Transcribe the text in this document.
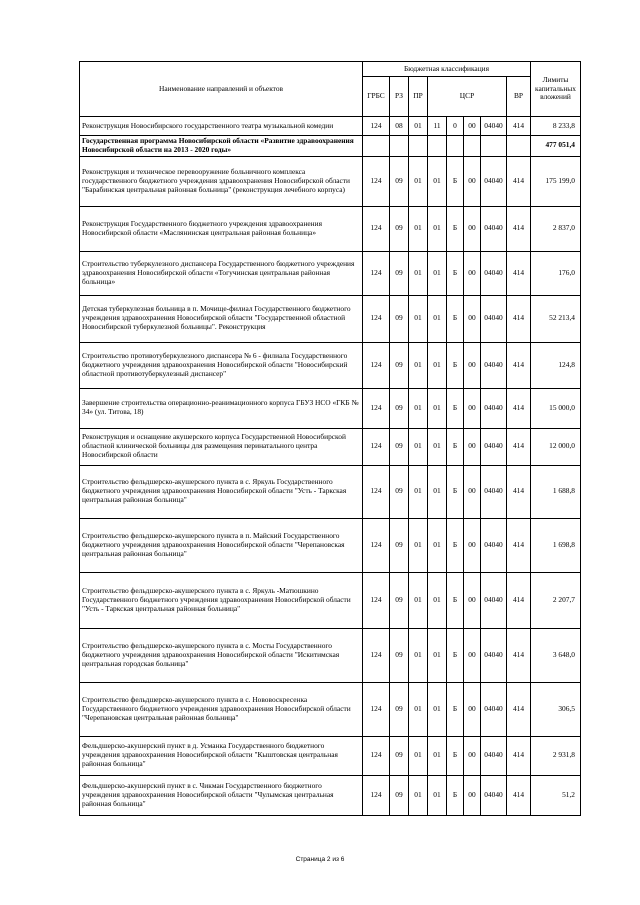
Наименование направлений и объектов	Бюджетная классификация								Лимиты капитальных вложений
	ГРБС	РЗ	ПР	ЦСР				ВР	
Реконструкция Новосибирского государственного театра музыкальной комедии	124	08	01	11	0	00	04040	414	8 233,8
Государственная программа Новосибирской области «Развитие здравоохранения Новосибирской области на 2013 - 2020 годы»									477 051,4
Реконструкция и техническое перевооружение больничного комплекса государственного бюджетного учреждения здравоохранения Новосибирской области "Барабинская центральная районная больница" (реконструкция лечебного корпуса)	124	09	01	01	Б	00	04040	414	175 199,0
Реконструкция Государственного бюджетного учреждения здравоохранения Новосибирской области «Маслянинская центральная районная больница»	124	09	01	01	Б	00	04040	414	2 837,0
Строительство туберкулезного диспансера Государственного бюджетного учреждения здравоохранения Новосибирской области «Тогучинская центральная районная больница»	124	09	01	01	Б	00	04040	414	176,0
Детская туберкулезная больница в п. Мочище-филиал Государственного бюджетного учреждения здравоохранения Новосибирской области "Государственной областной Новосибирской туберкулезной больницы". Реконструкция	124	09	01	01	Б	00	04040	414	52 213,4
Строительство противотуберкулезного диспансера № 6 - филиала Государственного бюджетного учреждения здравоохранения Новосибирской области "Новосибирский областной противотуберкулезный диспансер"	124	09	01	01	Б	00	04040	414	124,8
Завершение строительства операционно-реанимационного корпуса ГБУЗ НСО «ГКБ № 34» (ул. Титова, 18)	124	09	01	01	Б	00	04040	414	15 000,0
Реконструкция и оснащение акушерского корпуса Государственной Новосибирской областной клинической больницы для размещения перинатального центра Новосибирской области	124	09	01	01	Б	00	04040	414	12 000,0
Строительство фельдшерско-акушерского пункта в с. Яркуль Государственного бюджетного учреждения здравоохранения Новосибирской области "Усть - Таркская центральная районная больница"	124	09	01	01	Б	00	04040	414	1 688,8
Строительство фельдшерско-акушерского пункта в п. Майский Государственного бюджетного учреждения здравоохранения Новосибирской области "Черепановская центральная районная больница"	124	09	01	01	Б	00	04040	414	1 698,8
Строительство фельдшерско-акушерского пункта в с. Яркуль -Матюшкино Государственного бюджетного учреждения здравоохранения Новосибирской области "Усть - Таркская центральная районная больница"	124	09	01	01	Б	00	04040	414	2 207,7
Строительство фельдшерско-акушерского пункта в с. Мосты Государственного бюджетного учреждения здравоохранения Новосибирской области "Искитимская центральная городская больница"	124	09	01	01	Б	00	04040	414	3 648,0
Строительство фельдшерско-акушерского пункта в с. Нововоскресенка Государственного бюджетного учреждения здравоохранения Новосибирской области "Черепановская центральная районная больница"	124	09	01	01	Б	00	04040	414	306,5
Фельдшерско-акушерский пункт в д. Усманка Государственного бюджетного учреждения здравоохранения Новосибирской области "Кыштовская центральная районная больница"	124	09	01	01	Б	00	04040	414	2 931,8
Фельдшерско-акушерский пункт в с. Чикман Государственного бюджетного учреждения здравоохранения Новосибирской области "Чулымская центральная районная больница"	124	09	01	01	Б	00	04040	414	51,2
Страница 2 из 6
